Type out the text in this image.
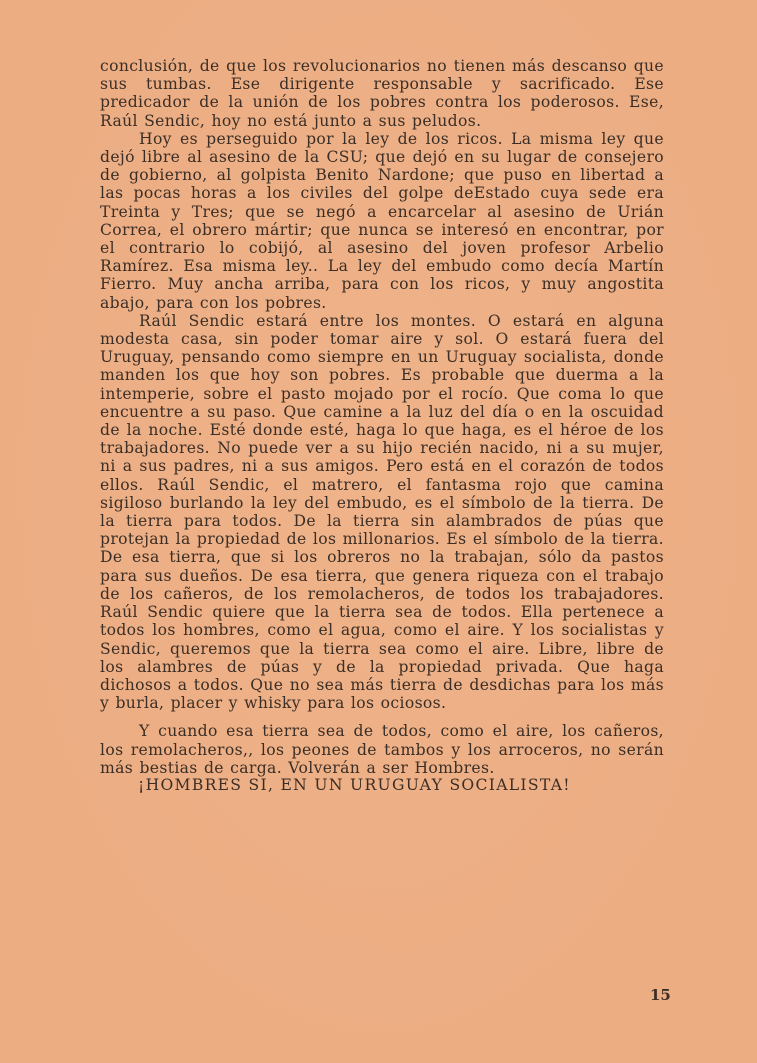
conclusión, de que los revolucionarios no tienen más descanso que sus tumbas. Ese dirigente responsable y sacrificado. Ese predicador de la unión de los pobres contra los poderosos. Ese, Raúl Sendic, hoy no está junto a sus peludos.

Hoy es perseguido por la ley de los ricos. La misma ley que dejó libre al asesino de la CSU; que dejó en su lugar de consejero de gobierno, al golpista Benito Nardone; que puso en libertad a las pocas horas a los civiles del golpe deEstado cuya sede era Treinta y Tres; que se negó a encarcelar al asesino de Urián Correa, el obrero mártir; que nunca se interesó en encontrar, por el contrario lo cobijó, al asesino del joven profesor Arbelio Ramírez. Esa misma ley.. La ley del embudo como decía Martín Fierro. Muy ancha arriba, para con los ricos, y muy angostita abajo, para con los pobres.

Raúl Sendic estará entre los montes. O estará en alguna modesta casa, sin poder tomar aire y sol. O estará fuera del Uruguay, pensando como siempre en un Uruguay socialista, donde manden los que hoy son pobres. Es probable que duerma a la intemperie, sobre el pasto mojado por el rocío. Que coma lo que encuentre a su paso. Que camine a la luz del día o en la oscuidad de la noche. Esté donde esté, haga lo que haga, es el héroe de los trabajadores. No puede ver a su hijo recién nacido, ni a su mujer, ni a sus padres, ni a sus amigos. Pero está en el corazón de todos ellos. Raúl Sendic, el matrero, el fantasma rojo que camina sigiloso burlando la ley del embudo, es el símbolo de la tierra. De la tierra para todos. De la tierra sin alambrados de púas que protejan la propiedad de los millonarios. Es el símbolo de la tierra. De esa tierra, que si los obreros no la trabajan, sólo da pastos para sus dueños. De esa tierra, que genera riqueza con el trabajo de los cañeros, de los remolacheros, de todos los trabajadores. Raúl Sendic quiere que la tierra sea de todos. Ella pertenece a todos los hombres, como el agua, como el aire. Y los socialistas y Sendic, queremos que la tierra sea como el aire. Libre, libre de los alambres de púas y de la propiedad privada. Que haga dichosos a todos. Que no sea más tierra de desdichas para los más y burla, placer y whisky para los ociosos.

Y cuando esa tierra sea de todos, como el aire, los cañeros, los remolacheros,, los peones de tambos y los arroceros, no serán más bestias de carga. Volverán a ser Hombres.

¡HOMBRES SI, EN UN URUGUAY SOCIALISTA!

15
